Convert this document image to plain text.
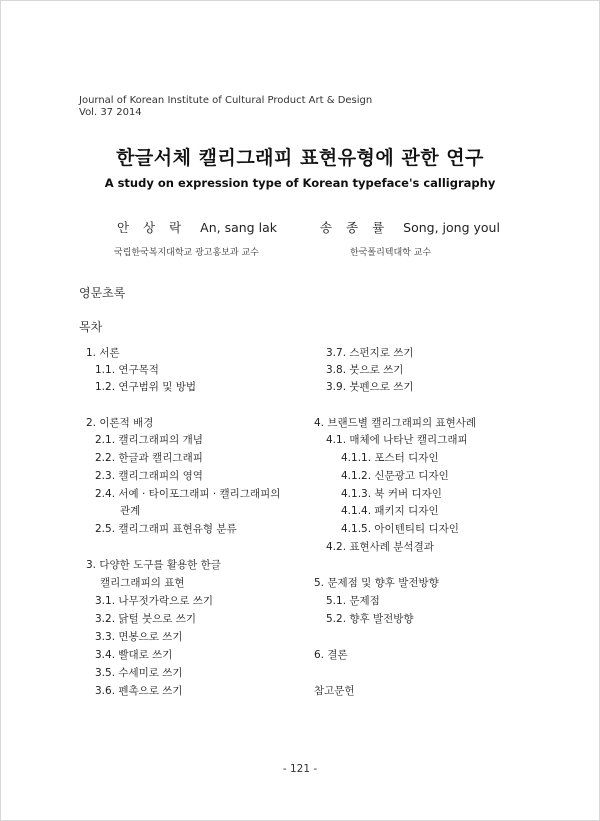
Journal of Korean Institute of Cultural Product Art & Design
Vol. 37 2014
한글서체 캘리그래피 표현유형에 관한 연구
A study on expression type of Korean typeface's calligraphy
안 상 락 An, sang lak
국립한국복지대학교 광고홍보과 교수
송 종 률 Song, jong youl
한국폴리텍대학 교수
영문초록
목차
1. 서론
1.1. 연구목적
1.2. 연구범위 및 방법
2. 이론적 배경
2.1. 캘리그래피의 개념
2.2. 한글과 캘리그래피
2.3. 캘리그래피의 영역
2.4. 서예 · 타이포그래피 · 캘리그래피의
관계
2.5. 캘리그래피 표현유형 분류
3. 다양한 도구를 활용한 한글
캘리그래피의 표현
3.1. 나무젓가락으로 쓰기
3.2. 닭털 붓으로 쓰기
3.3. 면봉으로 쓰기
3.4. 빨대로 쓰기
3.5. 수세미로 쓰기
3.6. 펜촉으로 쓰기
3.7. 스펀지로 쓰기
3.8. 붓으로 쓰기
3.9. 붓펜으로 쓰기
4. 브랜드별 캘리그래피의 표현사례
4.1. 매체에 나타난 캘리그래피
4.1.1. 포스터 디자인
4.1.2. 신문광고 디자인
4.1.3. 북 커버 디자인
4.1.4. 패키지 디자인
4.1.5. 아이텐티티 디자인
4.2. 표현사례 분석결과
5. 문제점 및 향후 발전방향
5.1. 문제점
5.2. 향후 발전방향
6. 결론
참고문헌
- 121 -
